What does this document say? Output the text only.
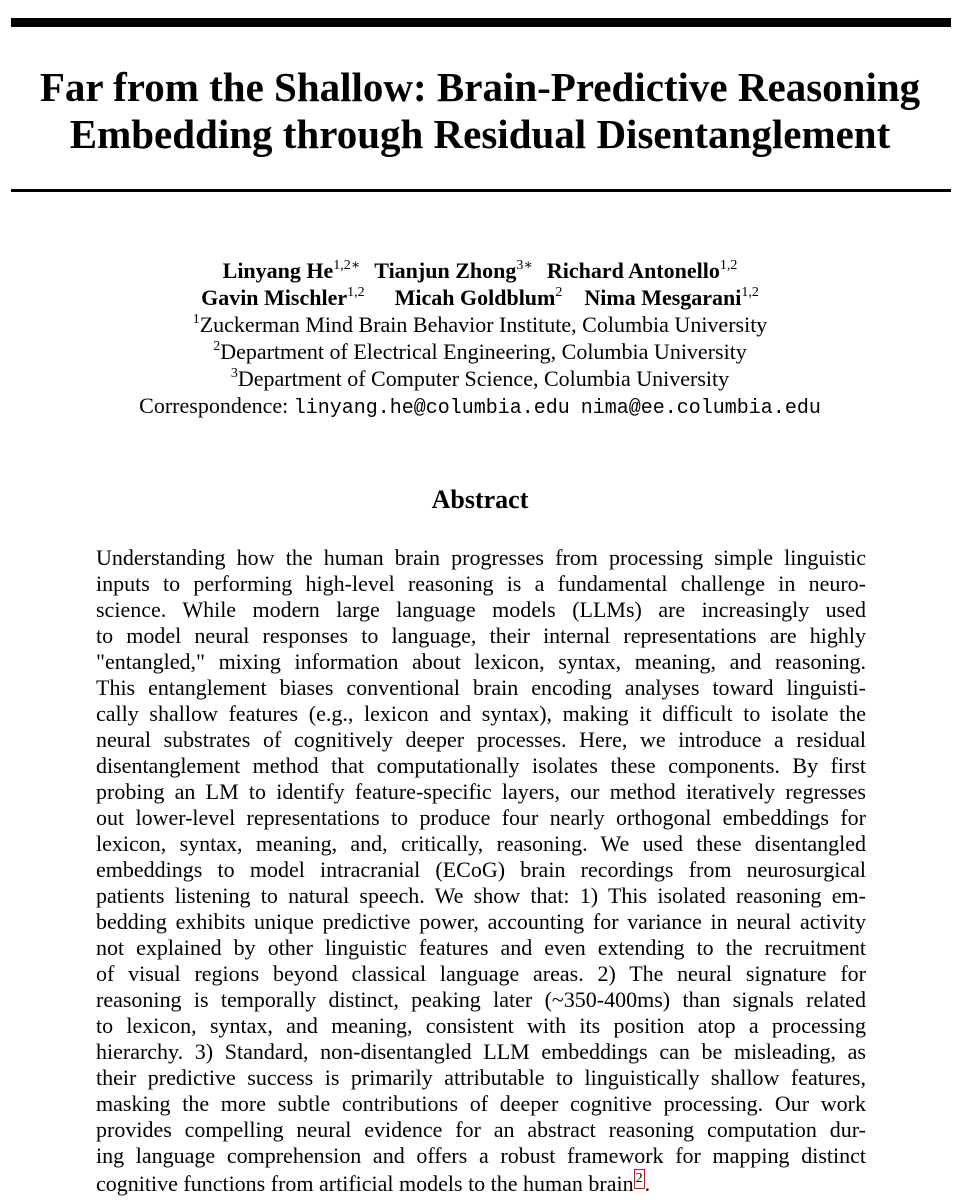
Far from the Shallow: Brain-Predictive Reasoning
Embedding through Residual Disentanglement
Linyang $He^{1,2∗}$ Tianjun Zhong$^{3∗}$ Richard Antonello$^{1,2}$
Gavin Mischler$^{1,2}$ Micah Goldblum$^2$ Nima Mesgarani$^{1,2}$
$^1$Zuckerman Mind Brain Behavior Institute, Columbia University
$^2$Department of Electrical Engineering, Columbia University
$^3$Department of Computer Science, Columbia University
Correspondence: linyang.he@columbia.edu nima@ee.columbia.edu
Abstract
Understanding how the human brain progresses from processing simple linguistic
inputs to performing high-level reasoning is a fundamental challenge in neuro-
science. While modern large language models (LLMs) are increasingly used
to model neural responses to language, their internal representations are highly
"entangled," mixing information about lexicon, syntax, meaning, and reasoning.
This entanglement biases conventional brain encoding analyses toward linguisti-
cally shallow features (e.g., lexicon and syntax), making it difficult to isolate the
neural substrates of cognitively deeper processes. Here, we introduce a residual
disentanglement method that computationally isolates these components. By first
probing an LM to identify feature-specific layers, our method iteratively regresses
out lower-level representations to produce four nearly orthogonal embeddings for
lexicon, syntax, meaning, and, critically, reasoning. We used these disentangled
embeddings to model intracranial (ECoG) brain recordings from neurosurgical
patients listening to natural speech. We show that: 1) This isolated reasoning em-
bedding exhibits unique predictive power, accounting for variance in neural activity
not explained by other linguistic features and even extending to the recruitment
of visual regions beyond classical language areas. 2) The neural signature for
reasoning is temporally distinct, peaking later (~350-400ms) than signals related
to lexicon, syntax, and meaning, consistent with its position atop a processing
hierarchy. 3) Standard, non-disentangled LLM embeddings can be misleading, as
their predictive success is primarily attributable to linguistically shallow features,
masking the more subtle contributions of deeper cognitive processing. Our work
provides compelling neural evidence for an abstract reasoning computation dur-
ing language comprehension and offers a robust framework for mapping distinct
cognitive functions from artificial models to the human brain 2.
